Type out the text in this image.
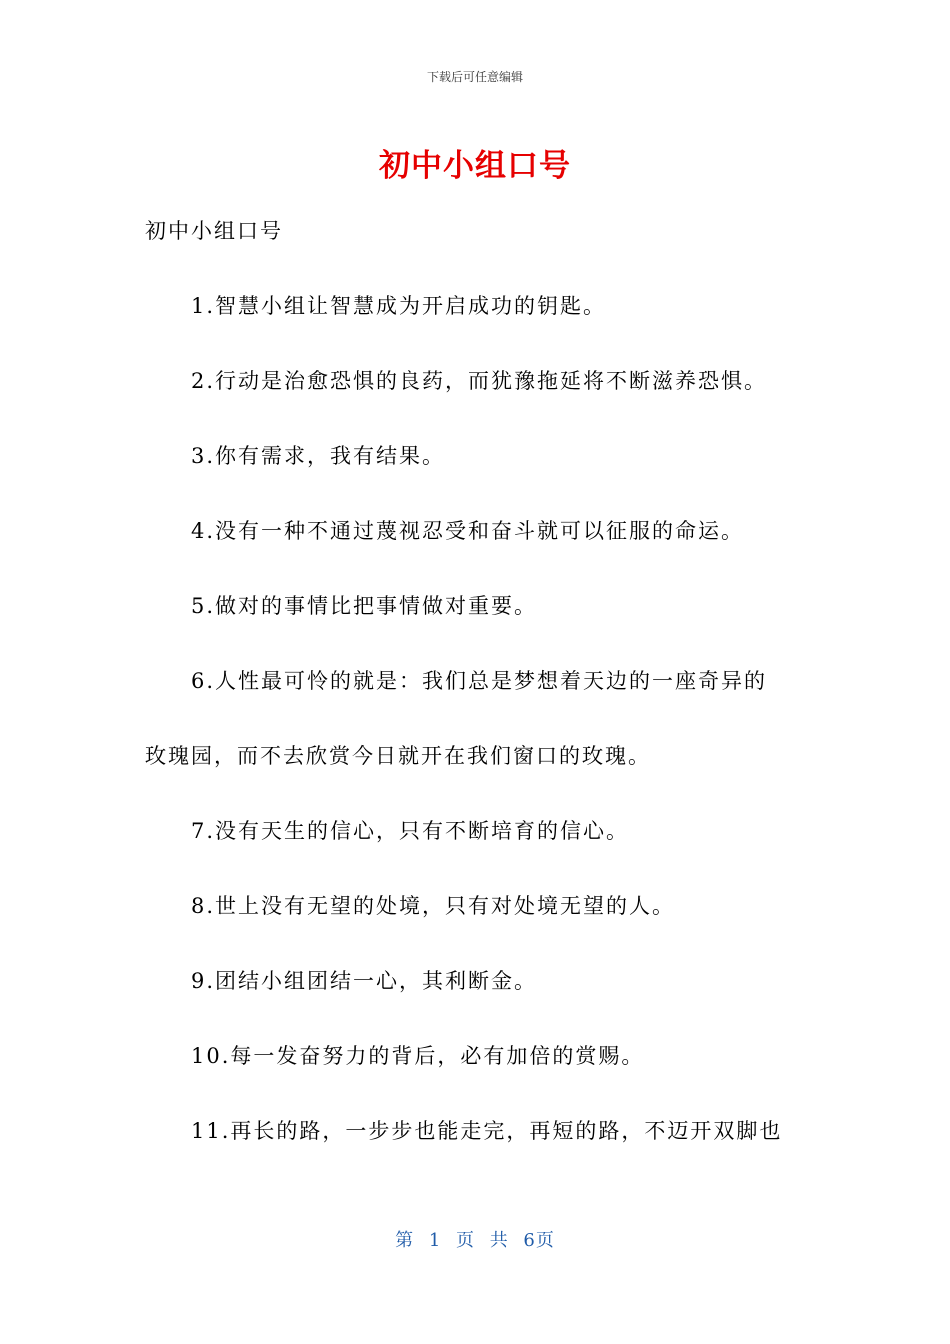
下载后可任意编辑
初中小组口号

初中小组口号

1.智慧小组让智慧成为开启成功的钥匙。

2.行动是治愈恐惧的良药，而犹豫拖延将不断滋养恐惧。

3.你有需求，我有结果。

4.没有一种不通过蔑视忍受和奋斗就可以征服的命运。

5.做对的事情比把事情做对重要。

6.人性最可怜的就是：我们总是梦想着天边的一座奇异的

玫瑰园，而不去欣赏今日就开在我们窗口的玫瑰。

7.没有天生的信心，只有不断培育的信心。

8.世上没有无望的处境，只有对处境无望的人。

9.团结小组团结一心，其利断金。

10.每一发奋努力的背后，必有加倍的赏赐。

11.再长的路，一步步也能走完，再短的路，不迈开双脚也

第 1 页 共 6页
